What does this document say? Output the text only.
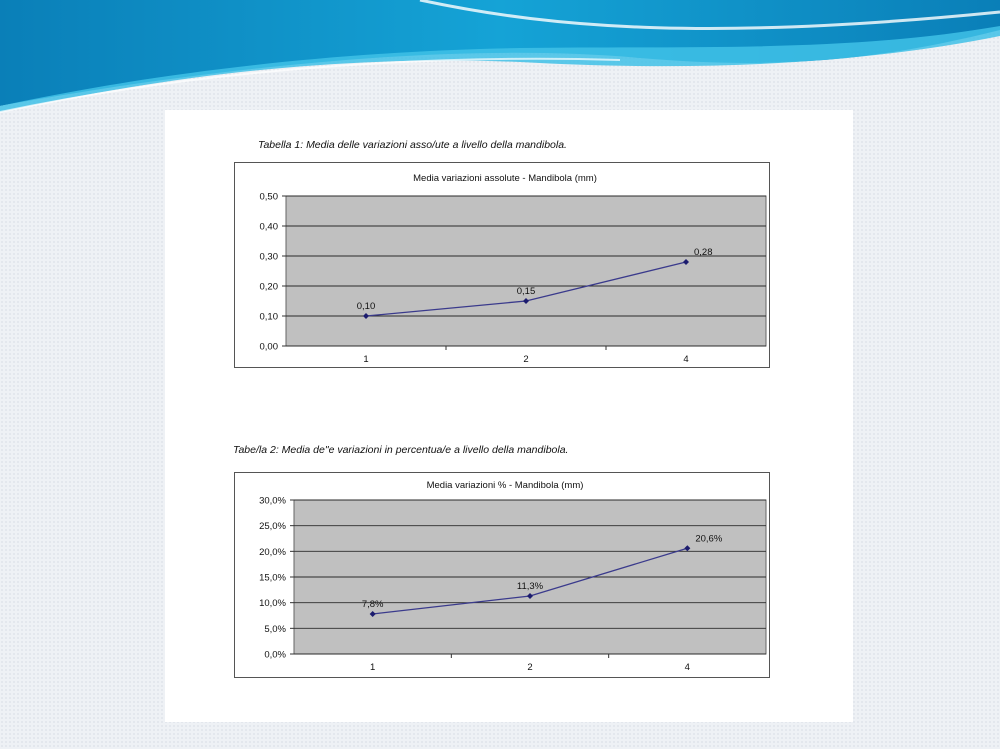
Tabella 1: Media delle variazioni asso/ute a livello della mandibola.
Media variazioni assolute - Mandibola (mm)
0,00
0,10
0,20
0,30
0,40
0,50
1	2	4
0,10
0,15
0,28
Tabe/la 2: Media de"e variazioni in percentua/e a livello della mandibola.
Media variazioni % - Mandibola (mm)
0,0%
5,0%
10,0%
15,0%
20,0%
25,0%
30,0%
1	2	4
7,8%
11,3%
20,6%
